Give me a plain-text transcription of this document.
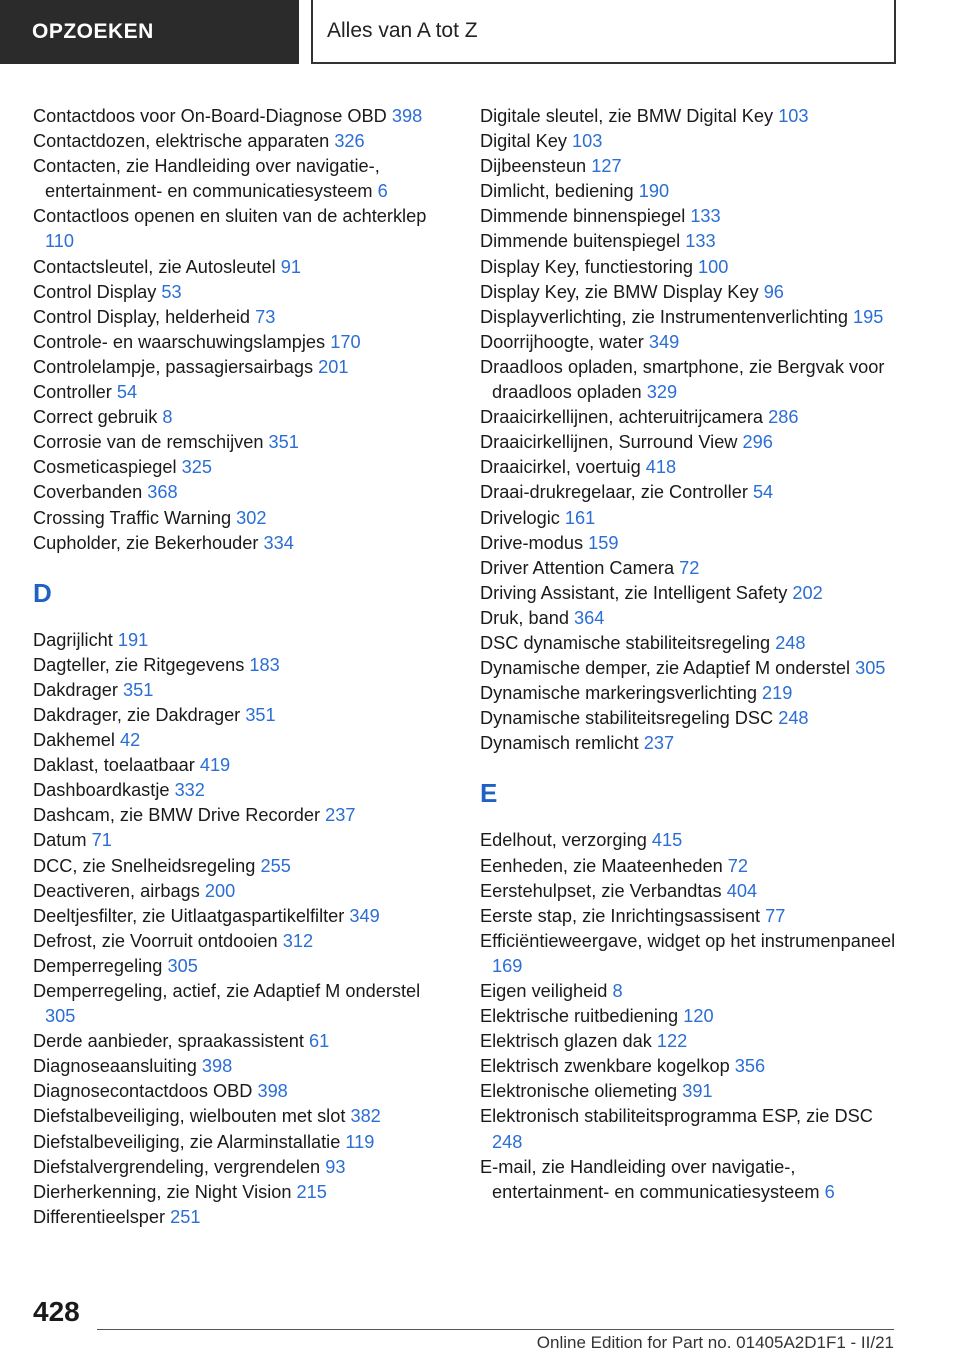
OPZOEKEN	Alles van A tot Z
Contactdoos voor On-Board-Diagnose OBD 398
Contactdozen, elektrische apparaten 326
Contacten, zie Handleiding over navigatie-, entertainment- en communicatiesysteem 6
Contactloos openen en sluiten van de achterklep 110
Contactsleutel, zie Autosleutel 91
Control Display 53
Control Display, helderheid 73
Controle- en waarschuwingslampjes 170
Controlelampje, passagiersairbags 201
Controller 54
Correct gebruik 8
Corrosie van de remschijven 351
Cosmeticaspiegel 325
Coverbanden 368
Crossing Traffic Warning 302
Cupholder, zie Bekerhouder 334
D
Dagrijlicht 191
Dagteller, zie Ritgegevens 183
Dakdrager 351
Dakdrager, zie Dakdrager 351
Dakhemel 42
Daklast, toelaatbaar 419
Dashboardkastje 332
Dashcam, zie BMW Drive Recorder 237
Datum 71
DCC, zie Snelheidsregeling 255
Deactiveren, airbags 200
Deeltjesfilter, zie Uitlaatgaspartikelfilter 349
Defrost, zie Voorruit ontdooien 312
Demperregeling 305
Demperregeling, actief, zie Adaptief M onderstel 305
Derde aanbieder, spraakassistent 61
Diagnoseaansluiting 398
Diagnosecontactdoos OBD 398
Diefstalbeveiliging, wielbouten met slot 382
Diefstalbeveiliging, zie Alarminstallatie 119
Diefstalvergrendeling, vergrendelen 93
Dierherkenning, zie Night Vision 215
Differentieelsper 251
Digitale sleutel, zie BMW Digital Key 103
Digital Key 103
Dijbeensteun 127
Dimlicht, bediening 190
Dimmende binnenspiegel 133
Dimmende buitenspiegel 133
Display Key, functiestoring 100
Display Key, zie BMW Display Key 96
Displayverlichting, zie Instrumentenverlichting 195
Doorrijhoogte, water 349
Draadloos opladen, smartphone, zie Bergvak voor draadloos opladen 329
Draaicirkellijnen, achteruitrijcamera 286
Draaicirkellijnen, Surround View 296
Draaicirkel, voertuig 418
Draai-drukregelaar, zie Controller 54
Drivelogic 161
Drive-modus 159
Driver Attention Camera 72
Driving Assistant, zie Intelligent Safety 202
Druk, band 364
DSC dynamische stabiliteitsregeling 248
Dynamische demper, zie Adaptief M onderstel 305
Dynamische markeringsverlichting 219
Dynamische stabiliteitsregeling DSC 248
Dynamisch remlicht 237
E
Edelhout, verzorging 415
Eenheden, zie Maateenheden 72
Eerstehulpset, zie Verbandtas 404
Eerste stap, zie Inrichtingsassisent 77
Efficiëntieweergave, widget op het instrumenpaneel 169
Eigen veiligheid 8
Elektrische ruitbediening 120
Elektrisch glazen dak 122
Elektrisch zwenkbare kogelkop 356
Elektronische oliemeting 391
Elektronisch stabiliteitsprogramma ESP, zie DSC 248
E-mail, zie Handleiding over navigatie-, entertainment- en communicatiesysteem 6
428
Online Edition for Part no. 01405A2D1F1 - II/21
